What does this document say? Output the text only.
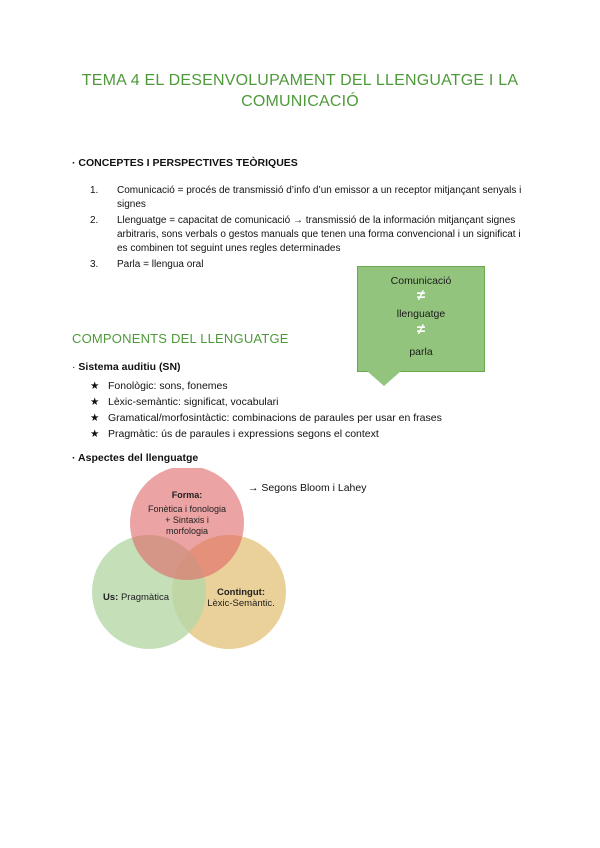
TEMA 4 EL DESENVOLUPAMENT DEL LLENGUATGE I LA
COMUNICACIÓ
· CONCEPTES I PERSPECTIVES TEÒRIQUES
1. Comunicació = procés de transmissió d’info d’un emissor a un receptor mitjançant senyals i signes
2. Llenguatge = capacitat de comunicació → transmissió de la información mitjançant signes arbitraris, sons verbals o gestos manuals que tenen una forma convencional i un significat i es combinen tot seguint unes regles determinades
3. Parla = llengua oral
Comunicació
≠
llenguatge
≠
parla
COMPONENTS DEL LLENGUATGE
· Sistema auditiu (SN)
★ Fonològic: sons, fonemes
★ Lèxic-semàntic: significat, vocabulari
★ Gramatical/morfosintàctic: combinacions de paraules per usar en frases
★ Pragmàtic: ús de paraules i expressions segons el context
· Aspectes del llenguatge
→ Segons Bloom i Lahey
Forma:
Fonètica i fonologia
+ Sintaxis i
morfologia
Us: Pragmàtica	Contingut:
Lèxic-Semàntic.
